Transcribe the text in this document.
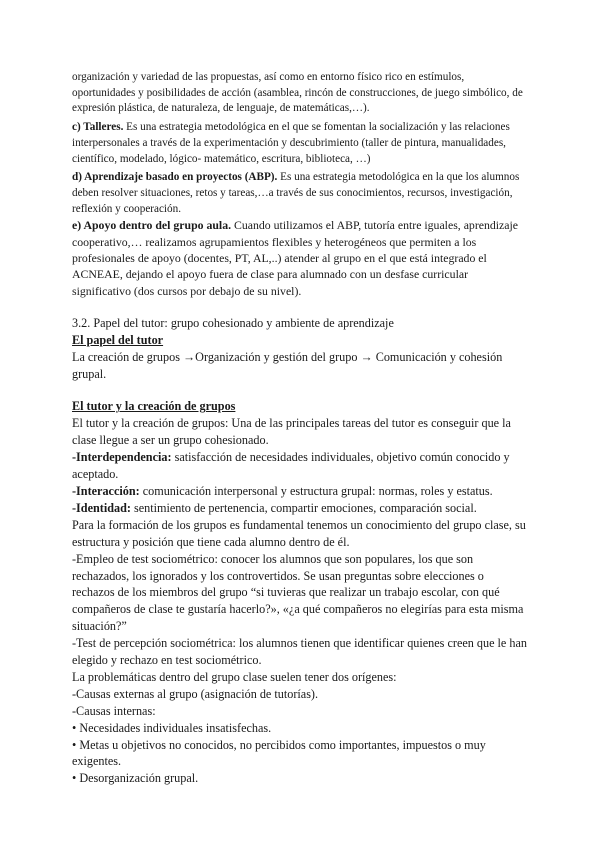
organización y variedad de las propuestas, así como en entorno físico rico en estímulos, oportunidades y posibilidades de acción (asamblea, rincón de construcciones, de juego simbólico, de expresión plástica, de naturaleza, de lenguaje, de matemáticas,…).

c) Talleres. Es una estrategia metodológica en el que se fomentan la socialización y las relaciones interpersonales a través de la experimentación y descubrimiento (taller de pintura, manualidades, científico, modelado, lógico- matemático, escritura, biblioteca, …)

d) Aprendizaje basado en proyectos (ABP). Es una estrategia metodológica en la que los alumnos deben resolver situaciones, retos y tareas,…a través de sus conocimientos, recursos, investigación, reflexión y cooperación.

e) Apoyo dentro del grupo aula. Cuando utilizamos el ABP, tutoría entre iguales, aprendizaje cooperativo,… realizamos agrupamientos flexibles y heterogéneos que permiten a los profesionales de apoyo (docentes, PT, AL,..) atender al grupo en el que está integrado el ACNEAE, dejando el apoyo fuera de clase para alumnado con un desfase curricular significativo (dos cursos por debajo de su nivel).

3.2. Papel del tutor: grupo cohesionado y ambiente de aprendizaje

El papel del tutor

La creación de grupos →Organización y gestión del grupo → Comunicación y cohesión grupal.

El tutor y la creación de grupos

El tutor y la creación de grupos: Una de las principales tareas del tutor es conseguir que la clase llegue a ser un grupo cohesionado.

-Interdependencia: satisfacción de necesidades individuales, objetivo común conocido y aceptado.

-Interacción: comunicación interpersonal y estructura grupal: normas, roles y estatus.

-Identidad: sentimiento de pertenencia, compartir emociones, comparación social.

Para la formación de los grupos es fundamental tenemos un conocimiento del grupo clase, su estructura y posición que tiene cada alumno dentro de él.

-Empleo de test sociométrico: conocer los alumnos que son populares, los que son rechazados, los ignorados y los controvertidos. Se usan preguntas sobre elecciones o rechazos de los miembros del grupo “si tuvieras que realizar un trabajo escolar, con qué compañeros de clase te gustaría hacerlo?», «¿a qué compañeros no elegirías para esta misma situación?”

-Test de percepción sociométrica: los alumnos tienen que identificar quienes creen que le han elegido y rechazo en test sociométrico.

La problemáticas dentro del grupo clase suelen tener dos orígenes:

-Causas externas al grupo (asignación de tutorías).

-Causas internas:

• Necesidades individuales insatisfechas.

• Metas u objetivos no conocidos, no percibidos como importantes, impuestos o muy exigentes.

• Desorganización grupal.
